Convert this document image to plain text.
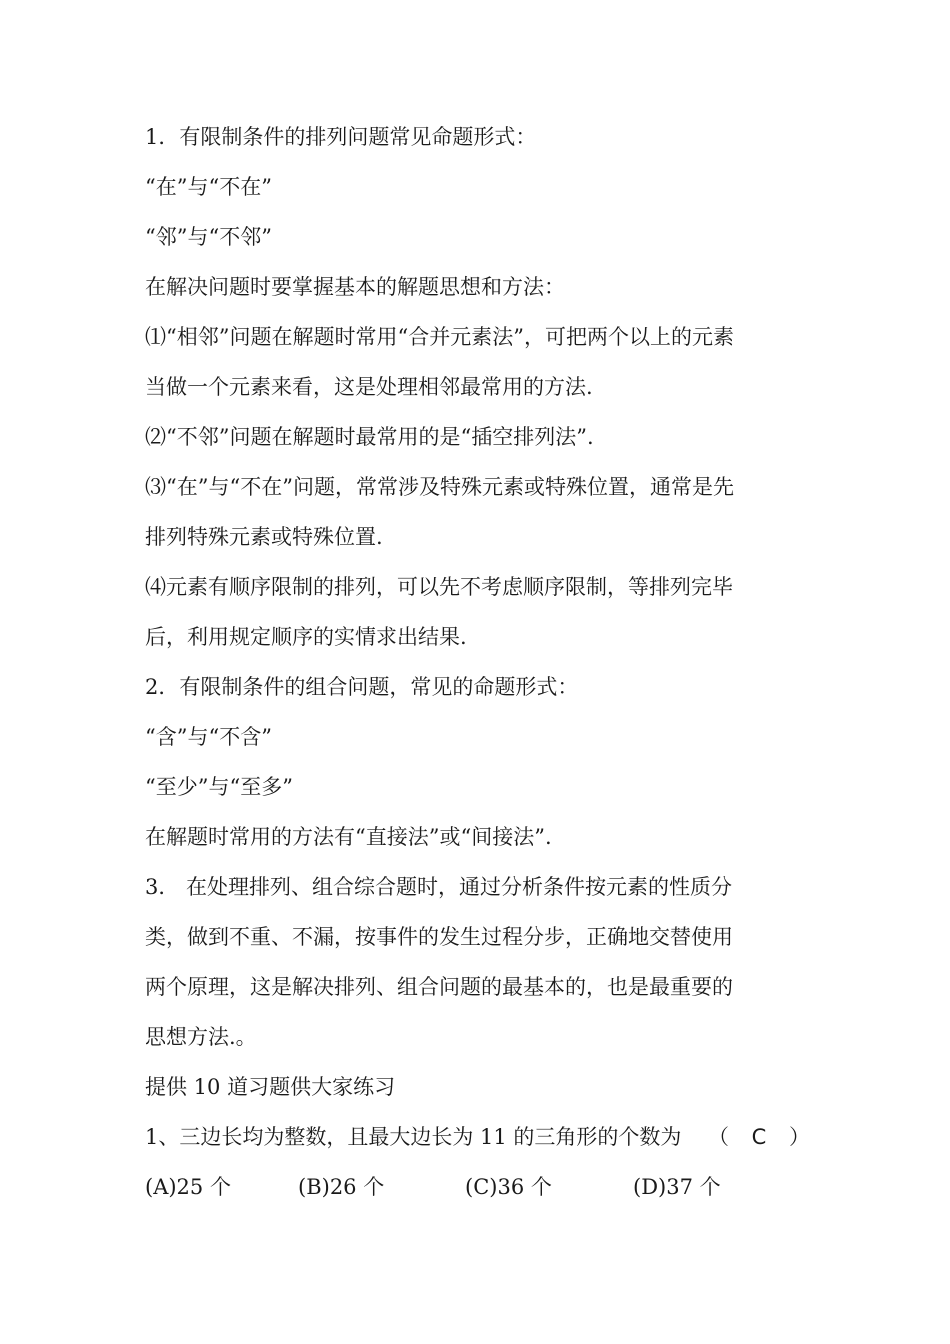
1．有限制条件的排列问题常见命题形式：
“在”与“不在”
“邻”与“不邻”
在解决问题时要掌握基本的解题思想和方法：
⑴“相邻”问题在解题时常用“合并元素法”，可把两个以上的元素
当做一个元素来看，这是处理相邻最常用的方法.
⑵“不邻”问题在解题时最常用的是“插空排列法”.
⑶“在”与“不在”问题，常常涉及特殊元素或特殊位置，通常是先
排列特殊元素或特殊位置.
⑷元素有顺序限制的排列，可以先不考虑顺序限制，等排列完毕
后，利用规定顺序的实情求出结果.
2．有限制条件的组合问题，常见的命题形式：
“含”与“不含”
“至少”与“至多”
在解题时常用的方法有“直接法”或“间接法”.
3． 在处理排列、组合综合题时，通过分析条件按元素的性质分
类，做到不重、不漏，按事件的发生过程分步，正确地交替使用
两个原理，这是解决排列、组合问题的最基本的，也是最重要的
思想方法.。
提供 10 道习题供大家练习
1、三边长均为整数，且最大边长为 11 的三角形的个数为 （ C ）
(A)25 个	(B)26 个	(C)36 个	(D)37 个
